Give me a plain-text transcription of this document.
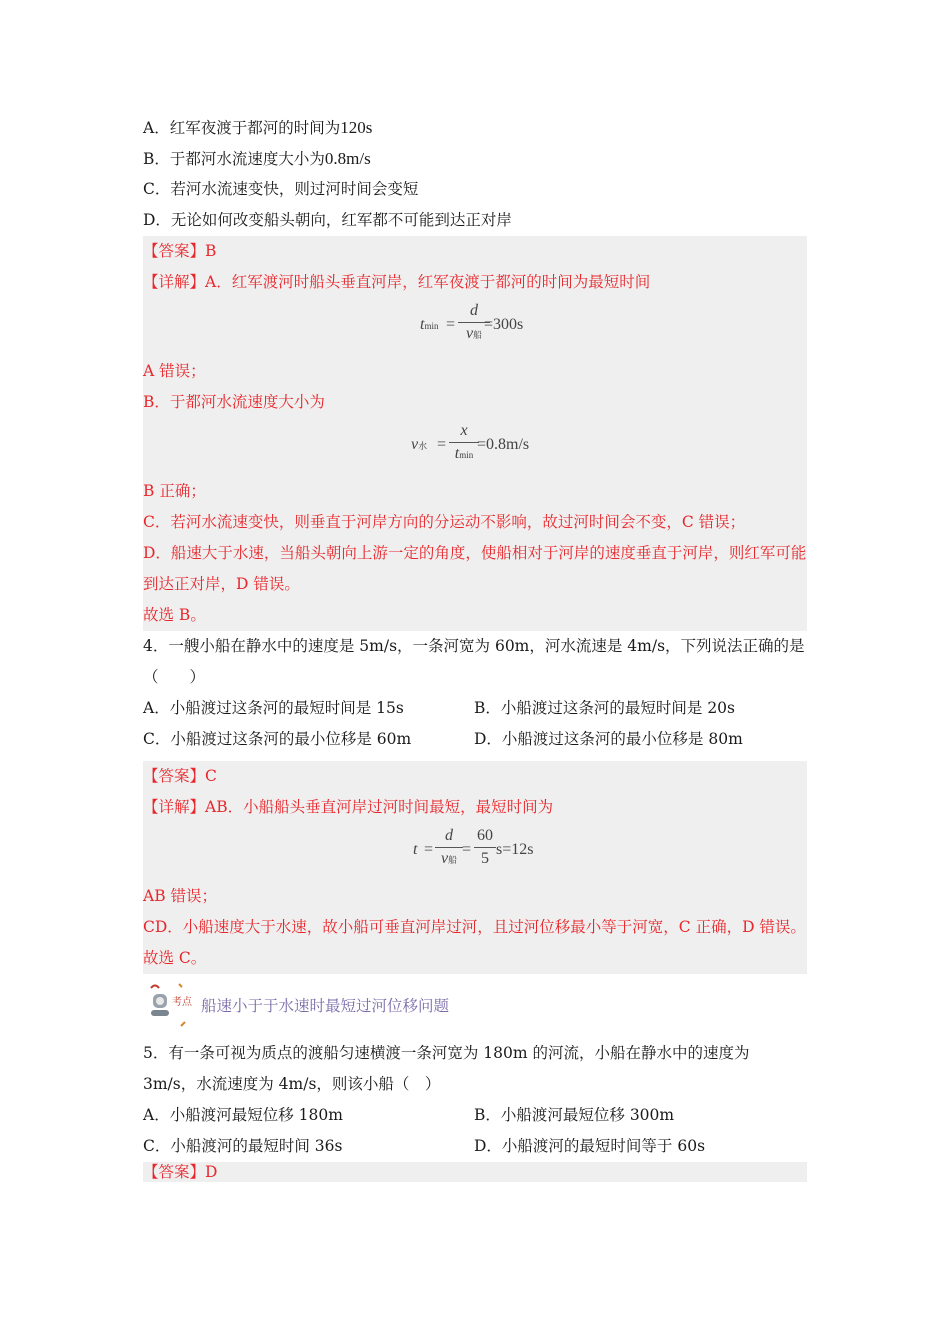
A．红军夜渡于都河的时间为120s
B．于都河水流速度大小为0.8m/s
C．若河水流速变快，则过河时间会变短
D．无论如何改变船头朝向，红军都不可能到达正对岸
【答案】B
【详解】A．红军渡河时船头垂直河岸，红军夜渡于都河的时间为最短时间
tmin =
d
v船
=300s
A 错误；
B．于都河水流速度大小为
v水 =
x
tmin
=0.8m/s
B 正确；
C．若河水流速变快，则垂直于河岸方向的分运动不影响，故过河时间会不变，C 错误；
D．船速大于水速，当船头朝向上游一定的角度，使船相对于河岸的速度垂直于河岸，则红军可能到达正对岸，D 错误。
故选 B。
4．一艘小船在静水中的速度是 5m/s，一条河宽为 60m，河水流速是 4m/s，下列说法正确的是（　　）
A．小船渡过这条河的最短时间是 15s	B．小船渡过这条河的最短时间是 20s
C．小船渡过这条河的最小位移是 60m	D．小船渡过这条河的最小位移是 80m
【答案】C
【详解】AB．小船船头垂直河岸过河时间最短，最短时间为
t =
d
v船
=
60
5
s=12s
AB 错误；
CD．小船速度大于水速，故小船可垂直河岸过河，且过河位移最小等于河宽，C 正确，D 错误。
故选 C。
考点 船速小于于水速时最短过河位移问题
5．有一条可视为质点的渡船匀速横渡一条河宽为 180m 的河流，小船在静水中的速度为 3m/s，水流速度为 4m/s，则该小船（　）
A．小船渡河最短位移 180m	B．小船渡河最短位移 300m
C．小船渡河的最短时间 36s	D．小船渡河的最短时间等于 60s
【答案】D
